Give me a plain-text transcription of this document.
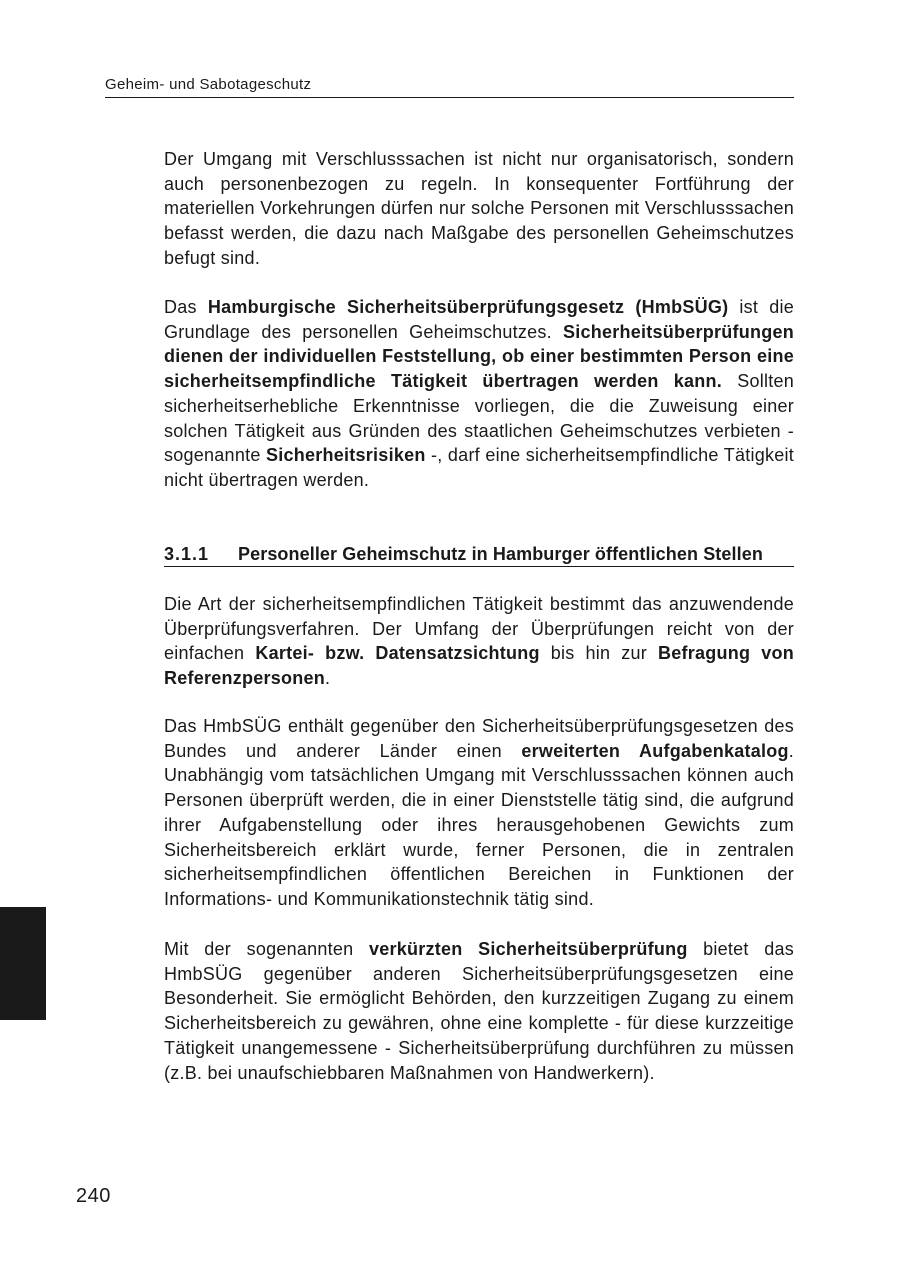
Geheim- und Sabotageschutz

Der Umgang mit Verschlusssachen ist nicht nur organisatorisch, sondern auch personenbezogen zu regeln. In konsequenter Fortführung der materiellen Vorkehrungen dürfen nur solche Personen mit Verschlusssachen befasst werden, die dazu nach Maßgabe des personellen Geheimschutzes befugt sind.

Das Hamburgische Sicherheitsüberprüfungsgesetz (HmbSÜG) ist die Grundlage des personellen Geheimschutzes. Sicherheitsüberprüfungen dienen der individuellen Feststellung, ob einer bestimmten Person eine sicherheitsempfindliche Tätigkeit übertragen werden kann. Sollten sicherheitserhebliche Erkenntnisse vorliegen, die die Zuweisung einer solchen Tätigkeit aus Gründen des staatlichen Geheimschutzes verbieten - sogenannte Sicherheitsrisiken -, darf eine sicherheitsempfindliche Tätigkeit nicht übertragen werden.

3.1.1 Personeller Geheimschutz in Hamburger öffentlichen Stellen

Die Art der sicherheitsempfindlichen Tätigkeit bestimmt das anzuwendende Überprüfungsverfahren. Der Umfang der Überprüfungen reicht von der einfachen Kartei- bzw. Datensatzsichtung bis hin zur Befragung von Referenzpersonen.

Das HmbSÜG enthält gegenüber den Sicherheitsüberprüfungsgesetzen des Bundes und anderer Länder einen erweiterten Aufgabenkatalog. Unabhängig vom tatsächlichen Umgang mit Verschlusssachen können auch Personen überprüft werden, die in einer Dienststelle tätig sind, die aufgrund ihrer Aufgabenstellung oder ihres herausgehobenen Gewichts zum Sicherheitsbereich erklärt wurde, ferner Personen, die in zentralen sicherheitsempfindlichen öffentlichen Bereichen in Funktionen der Informations- und Kommunikationstechnik tätig sind.

Mit der sogenannten verkürzten Sicherheitsüberprüfung bietet das HmbSÜG gegenüber anderen Sicherheitsüberprüfungsgesetzen eine Besonderheit. Sie ermöglicht Behörden, den kurzzeitigen Zugang zu einem Sicherheitsbereich zu gewähren, ohne eine komplette - für diese kurzzeitige Tätigkeit unangemessene - Sicherheitsüberprüfung durchführen zu müssen (z.B. bei unaufschiebbaren Maßnahmen von Handwerkern).

240
